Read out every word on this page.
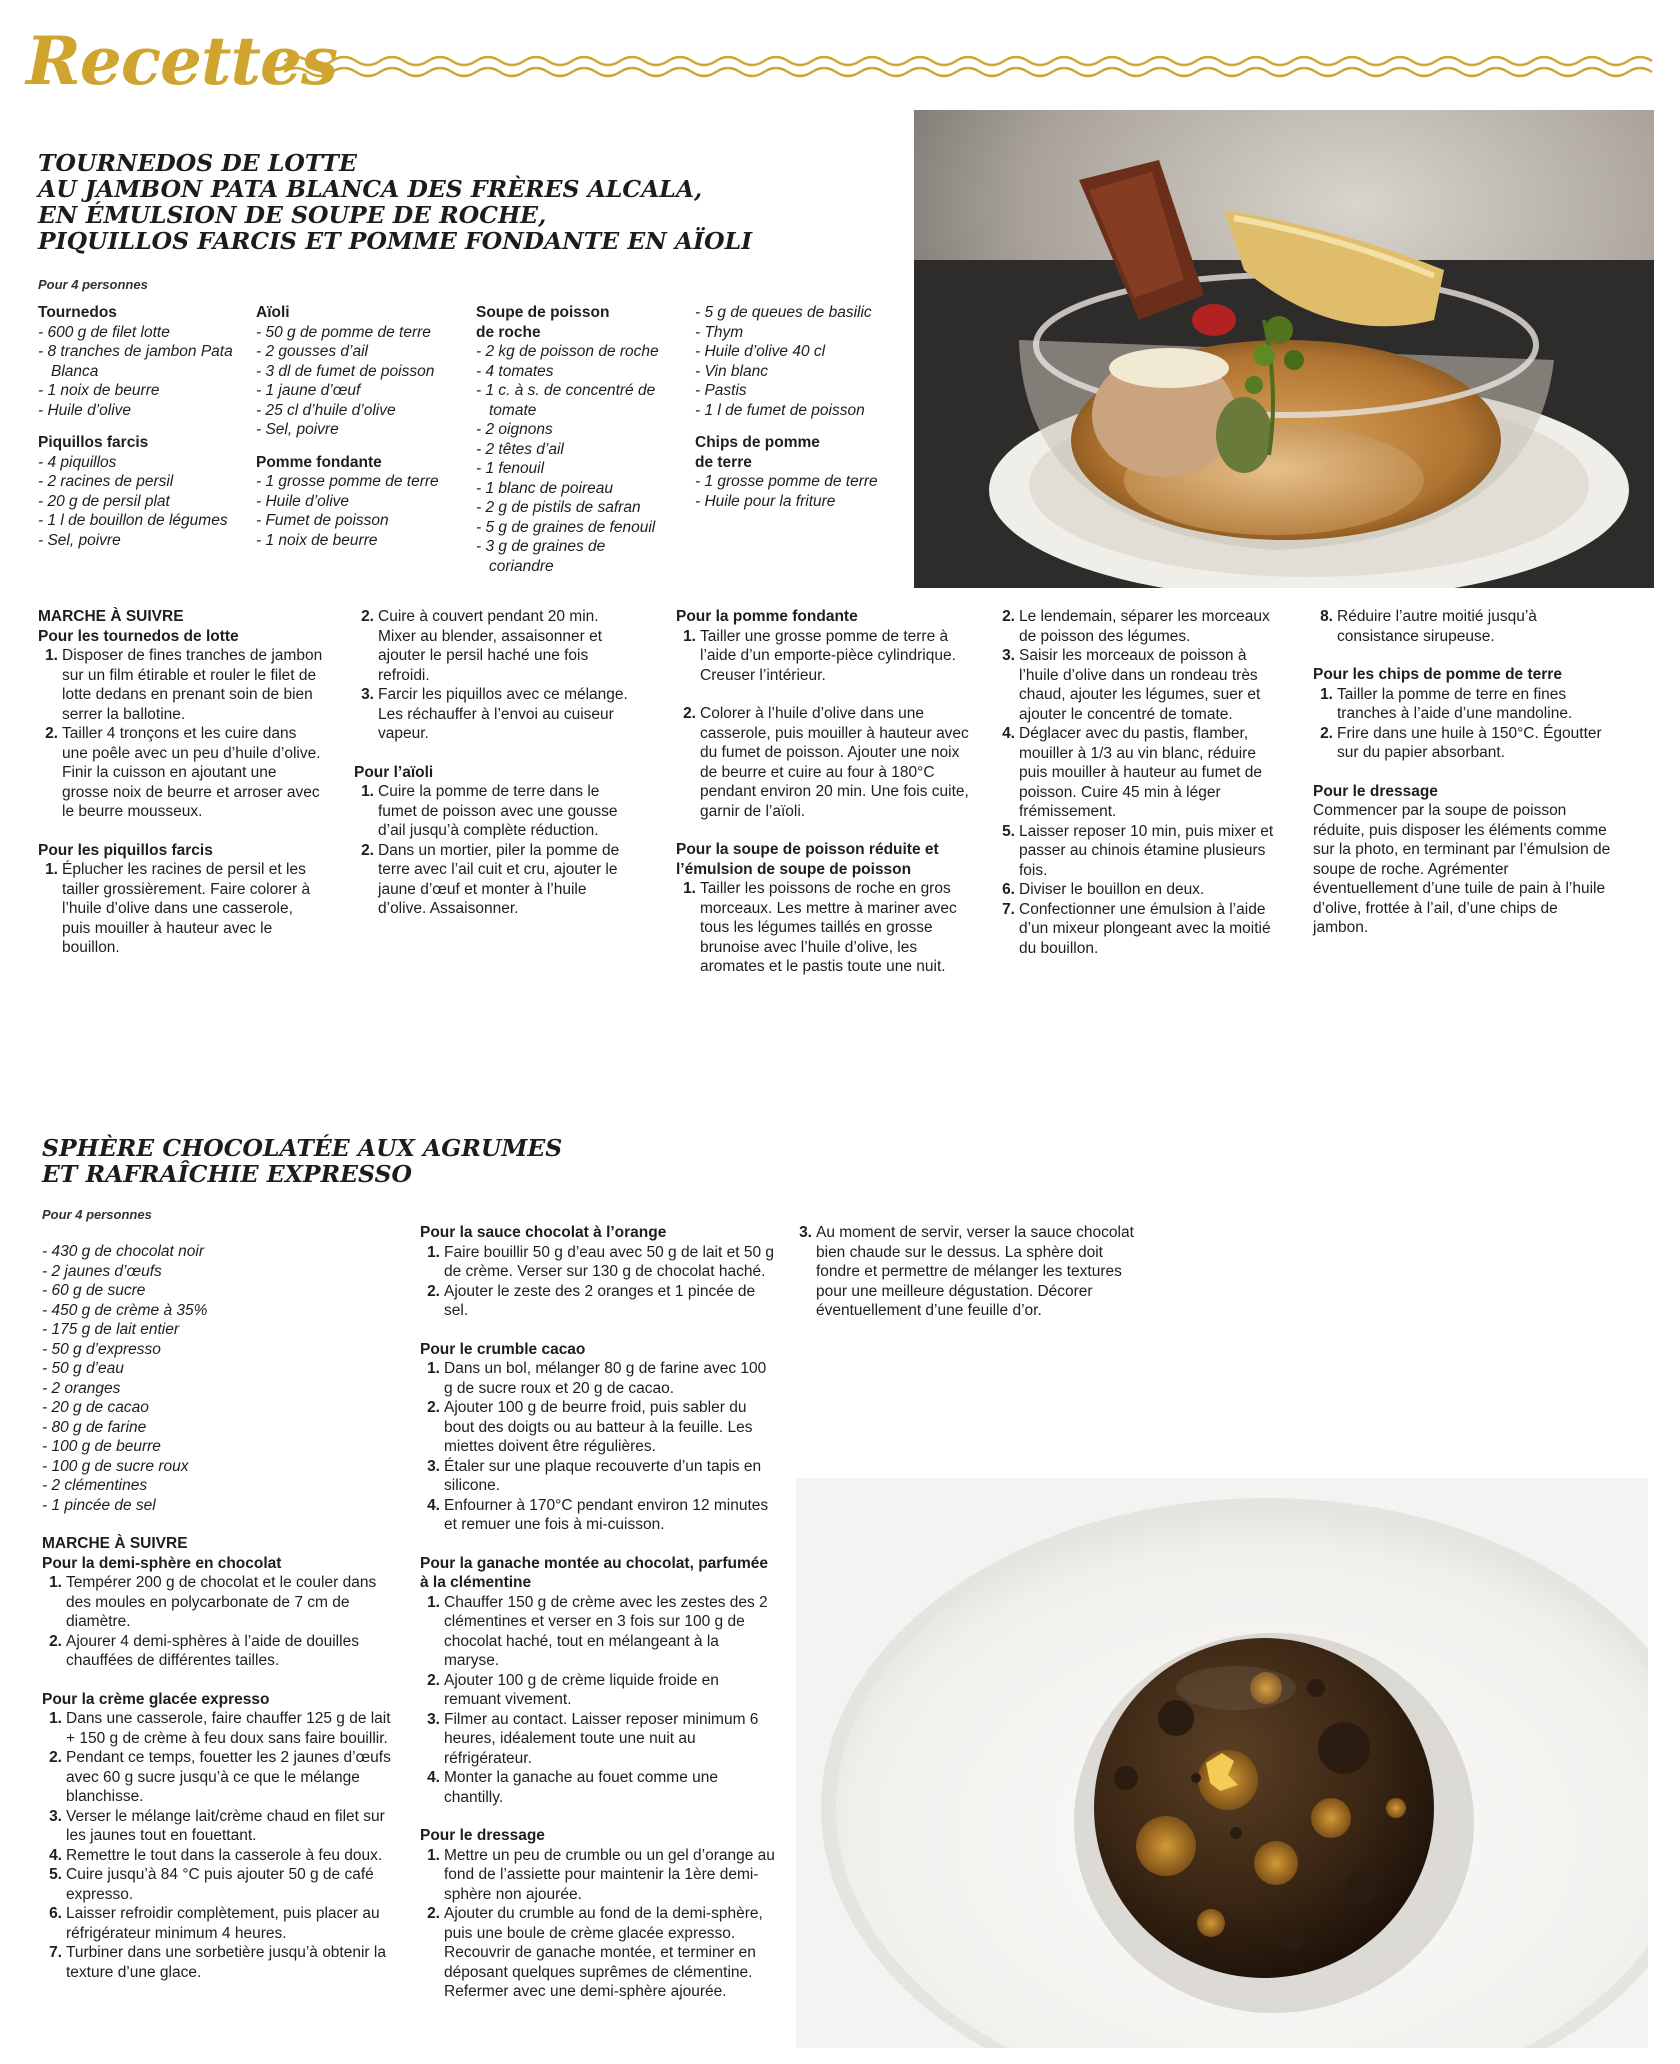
Recettes
TOURNEDOS DE LOTTE
AU JAMBON PATA BLANCA DES FRÈRES ALCALA,
EN ÉMULSION DE SOUPE DE ROCHE,
PIQUILLOS FARCIS ET POMME FONDANTE EN AÏOLI
Pour 4 personnes
Tournedos
- 600 g de filet lotte
- 8 tranches de jambon Pata Blanca
- 1 noix de beurre
- Huile d’olive
Piquillos farcis
- 4 piquillos
- 2 racines de persil
- 20 g de persil plat
- 1 l de bouillon de légumes
- Sel, poivre
Aïoli
- 50 g de pomme de terre
- 2 gousses d’ail
- 3 dl de fumet de poisson
- 1 jaune d’œuf
- 25 cl d’huile d’olive
- Sel, poivre
Pomme fondante
- 1 grosse pomme de terre
- Huile d’olive
- Fumet de poisson
- 1 noix de beurre
Soupe de poisson de roche
- 2 kg de poisson de roche
- 4 tomates
- 1 c. à s. de concentré de tomate
- 2 oignons
- 2 têtes d’ail
- 1 fenouil
- 1 blanc de poireau
- 2 g de pistils de safran
- 5 g de graines de fenouil
- 3 g de graines de coriandre
- 5 g de queues de basilic
- Thym
- Huile d’olive 40 cl
- Vin blanc
- Pastis
- 1 l de fumet de poisson
Chips de pomme de terre
- 1 grosse pomme de terre
- Huile pour la friture
MARCHE À SUIVRE
Pour les tournedos de lotte
1. Disposer de fines tranches de jambon sur un film étirable et rouler le filet de lotte dedans en prenant soin de bien serrer la ballotine.
2. Tailler 4 tronçons et les cuire dans une poêle avec un peu d’huile d’olive. Finir la cuisson en ajoutant une grosse noix de beurre et arroser avec le beurre mousseux.
Pour les piquillos farcis
1. Éplucher les racines de persil et les tailler grossièrement. Faire colorer à l’huile d’olive dans une casserole, puis mouiller à hauteur avec le bouillon.
2. Cuire à couvert pendant 20 min. Mixer au blender, assaisonner et ajouter le persil haché une fois refroidi.
3. Farcir les piquillos avec ce mélange. Les réchauffer à l’envoi au cuiseur vapeur.
Pour l’aïoli
1. Cuire la pomme de terre dans le fumet de poisson avec une gousse d’ail jusqu’à complète réduction.
2. Dans un mortier, piler la pomme de terre avec l’ail cuit et cru, ajouter le jaune d’œuf et monter à l’huile d’olive. Assaisonner.
Pour la pomme fondante
1. Tailler une grosse pomme de terre à l’aide d’un emporte-pièce cylindrique. Creuser l’intérieur.
2. Colorer à l’huile d’olive dans une casserole, puis mouiller à hauteur avec du fumet de poisson. Ajouter une noix de beurre et cuire au four à 180°C pendant environ 20 min. Une fois cuite, garnir de l’aïoli.
Pour la soupe de poisson réduite et l’émulsion de soupe de poisson
1. Tailler les poissons de roche en gros morceaux. Les mettre à mariner avec tous les légumes taillés en grosse brunoise avec l’huile d’olive, les aromates et le pastis toute une nuit.
2. Le lendemain, séparer les morceaux de poisson des légumes.
3. Saisir les morceaux de poisson à l’huile d’olive dans un rondeau très chaud, ajouter les légumes, suer et ajouter le concentré de tomate.
4. Déglacer avec du pastis, flamber, mouiller à 1/3 au vin blanc, réduire puis mouiller à hauteur au fumet de poisson. Cuire 45 min à léger frémissement.
5. Laisser reposer 10 min, puis mixer et passer au chinois étamine plusieurs fois.
6. Diviser le bouillon en deux.
7. Confectionner une émulsion à l’aide d’un mixeur plongeant avec la moitié du bouillon.
8. Réduire l’autre moitié jusqu’à consistance sirupeuse.
Pour les chips de pomme de terre
1. Tailler la pomme de terre en fines tranches à l’aide d’une mandoline.
2. Frire dans une huile à 150°C. Égoutter sur du papier absorbant.
Pour le dressage
Commencer par la soupe de poisson réduite, puis disposer les éléments comme sur la photo, en terminant par l’émulsion de soupe de roche. Agrémenter éventuellement d’une tuile de pain à l’huile d’olive, frottée à l’ail, d’une chips de jambon.
SPHÈRE CHOCOLATÉE AUX AGRUMES
ET RAFRAÎCHIE EXPRESSO
Pour 4 personnes
- 430 g de chocolat noir
- 2 jaunes d’œufs
- 60 g de sucre
- 450 g de crème à 35%
- 175 g de lait entier
- 50 g d’expresso
- 50 g d’eau
- 2 oranges
- 20 g de cacao
- 80 g de farine
- 100 g de beurre
- 100 g de sucre roux
- 2 clémentines
- 1 pincée de sel
MARCHE À SUIVRE
Pour la demi-sphère en chocolat
1. Tempérer 200 g de chocolat et le couler dans des moules en polycarbonate de 7 cm de diamètre.
2. Ajourer 4 demi-sphères à l’aide de douilles chauffées de différentes tailles.
Pour la crème glacée expresso
1. Dans une casserole, faire chauffer 125 g de lait + 150 g de crème à feu doux sans faire bouillir.
2. Pendant ce temps, fouetter les 2 jaunes d’œufs avec 60 g sucre jusqu’à ce que le mélange blanchisse.
3. Verser le mélange lait/crème chaud en filet sur les jaunes tout en fouettant.
4. Remettre le tout dans la casserole à feu doux.
5. Cuire jusqu’à 84 °C puis ajouter 50 g de café expresso.
6. Laisser refroidir complètement, puis placer au réfrigérateur minimum 4 heures.
7. Turbiner dans une sorbetière jusqu’à obtenir la texture d’une glace.
Pour la sauce chocolat à l’orange
1. Faire bouillir 50 g d’eau avec 50 g de lait et 50 g de crème. Verser sur 130 g de chocolat haché.
2. Ajouter le zeste des 2 oranges et 1 pincée de sel.
Pour le crumble cacao
1. Dans un bol, mélanger 80 g de farine avec 100 g de sucre roux et 20 g de cacao.
2. Ajouter 100 g de beurre froid, puis sabler du bout des doigts ou au batteur à la feuille. Les miettes doivent être régulières.
3. Étaler sur une plaque recouverte d’un tapis en silicone.
4. Enfourner à 170°C pendant environ 12 minutes et remuer une fois à mi-cuisson.
Pour la ganache montée au chocolat, parfumée à la clémentine
1. Chauffer 150 g de crème avec les zestes des 2 clémentines et verser en 3 fois sur 100 g de chocolat haché, tout en mélangeant à la maryse.
2. Ajouter 100 g de crème liquide froide en remuant vivement.
3. Filmer au contact. Laisser reposer minimum 6 heures, idéalement toute une nuit au réfrigérateur.
4. Monter la ganache au fouet comme une chantilly.
Pour le dressage
1. Mettre un peu de crumble ou un gel d’orange au fond de l’assiette pour maintenir la 1ère demi-sphère non ajourée.
2. Ajouter du crumble au fond de la demi-sphère, puis une boule de crème glacée expresso. Recouvrir de ganache montée, et terminer en déposant quelques suprêmes de clémentine. Refermer avec une demi-sphère ajourée.
3. Au moment de servir, verser la sauce chocolat bien chaude sur le dessus. La sphère doit fondre et permettre de mélanger les textures pour une meilleure dégustation. Décorer éventuellement d’une feuille d’or.
